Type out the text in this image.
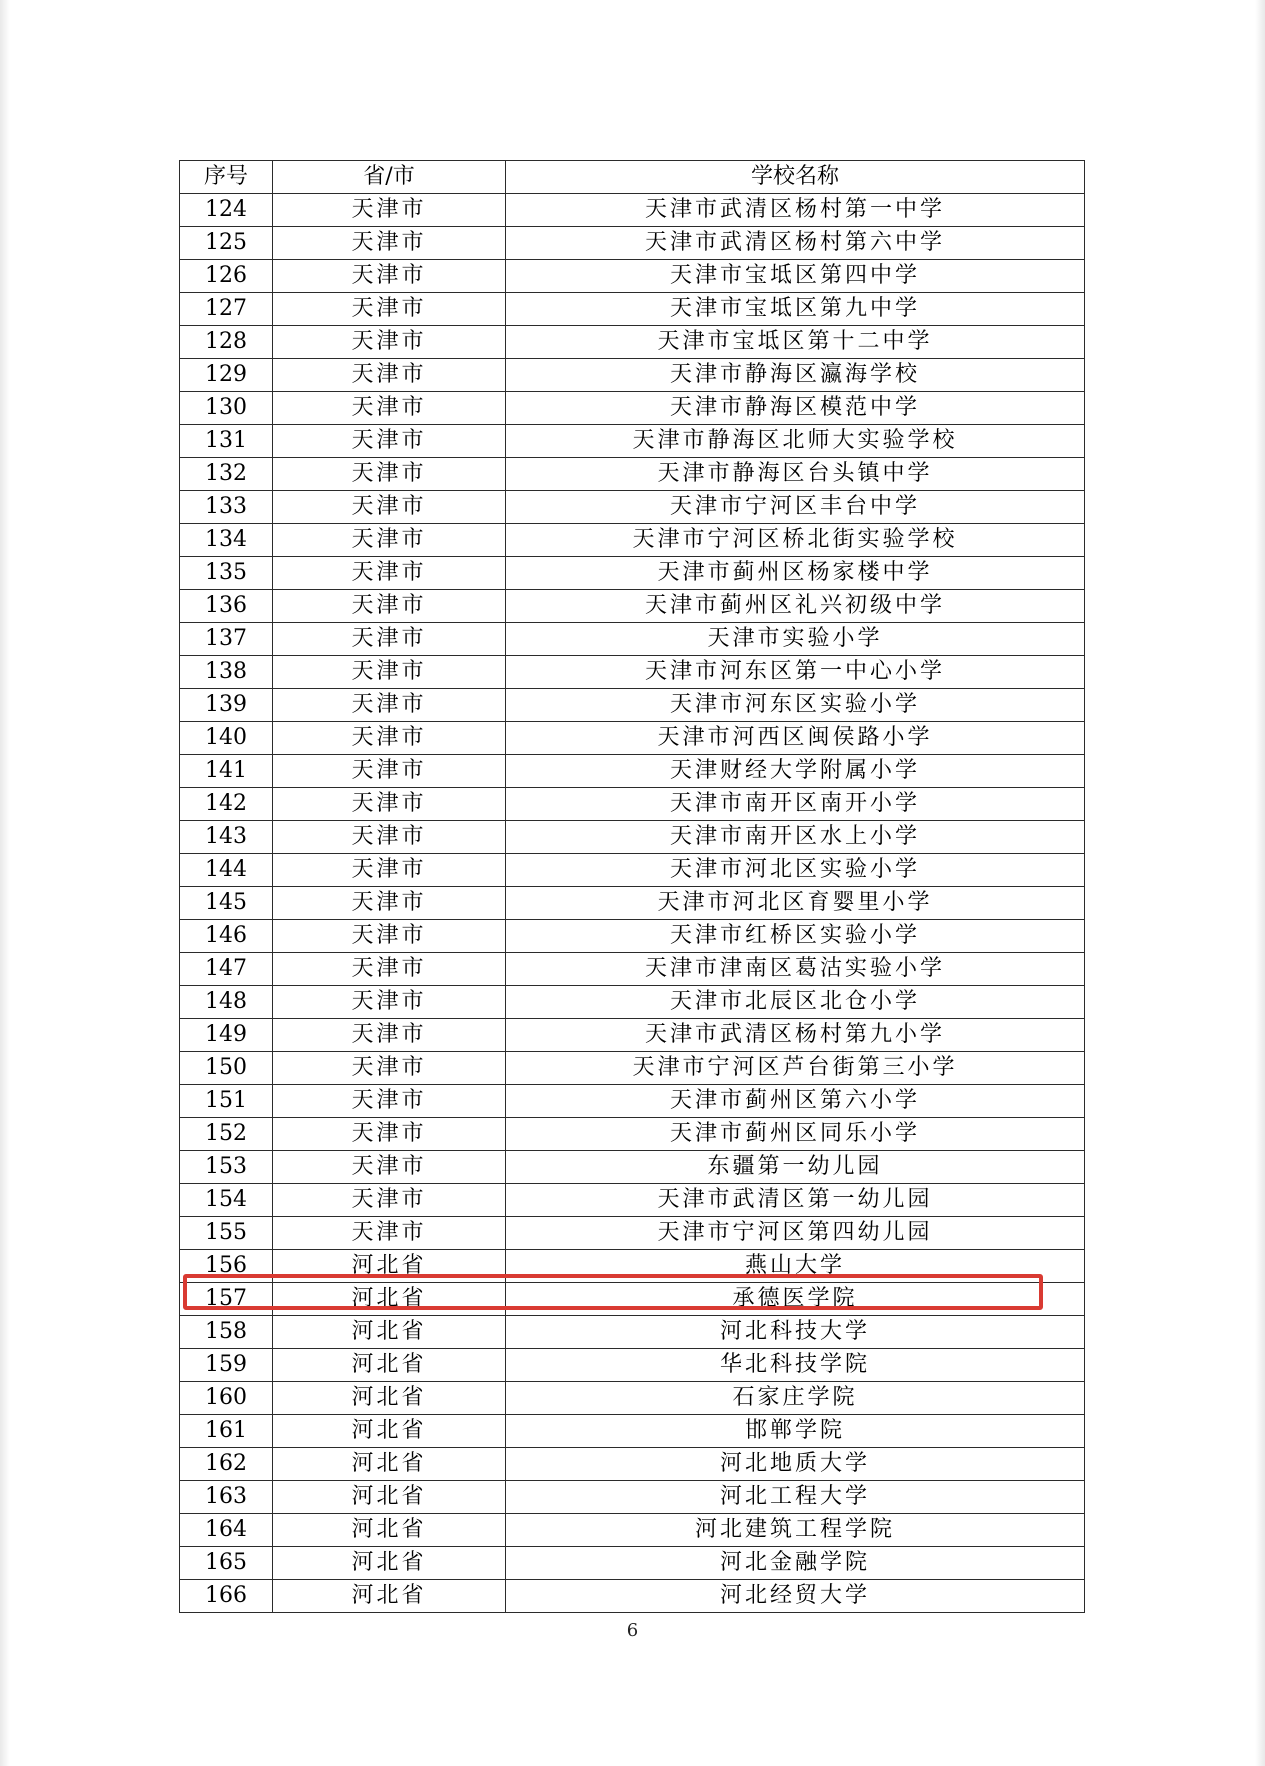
序号	省/市	学校名称
124	天津市	天津市武清区杨村第一中学
125	天津市	天津市武清区杨村第六中学
126	天津市	天津市宝坻区第四中学
127	天津市	天津市宝坻区第九中学
128	天津市	天津市宝坻区第十二中学
129	天津市	天津市静海区瀛海学校
130	天津市	天津市静海区模范中学
131	天津市	天津市静海区北师大实验学校
132	天津市	天津市静海区台头镇中学
133	天津市	天津市宁河区丰台中学
134	天津市	天津市宁河区桥北街实验学校
135	天津市	天津市蓟州区杨家楼中学
136	天津市	天津市蓟州区礼兴初级中学
137	天津市	天津市实验小学
138	天津市	天津市河东区第一中心小学
139	天津市	天津市河东区实验小学
140	天津市	天津市河西区闽侯路小学
141	天津市	天津财经大学附属小学
142	天津市	天津市南开区南开小学
143	天津市	天津市南开区水上小学
144	天津市	天津市河北区实验小学
145	天津市	天津市河北区育婴里小学
146	天津市	天津市红桥区实验小学
147	天津市	天津市津南区葛沽实验小学
148	天津市	天津市北辰区北仓小学
149	天津市	天津市武清区杨村第九小学
150	天津市	天津市宁河区芦台街第三小学
151	天津市	天津市蓟州区第六小学
152	天津市	天津市蓟州区同乐小学
153	天津市	东疆第一幼儿园
154	天津市	天津市武清区第一幼儿园
155	天津市	天津市宁河区第四幼儿园
156	河北省	燕山大学
157	河北省	承德医学院
158	河北省	河北科技大学
159	河北省	华北科技学院
160	河北省	石家庄学院
161	河北省	邯郸学院
162	河北省	河北地质大学
163	河北省	河北工程大学
164	河北省	河北建筑工程学院
165	河北省	河北金融学院
166	河北省	河北经贸大学
6
